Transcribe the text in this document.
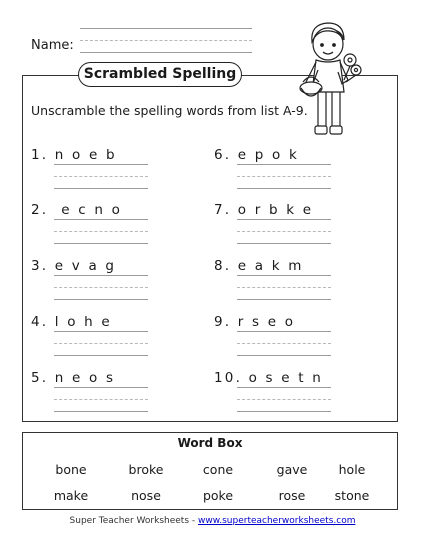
Name:
Scrambled Spelling
Unscramble the spelling words from list A-9.
1. n o e b
2.  e c n o
3. e v a g
4. l o h e
5. n e o s
6. e p o k
7. o r b k e
8. e a k m
9. r s e o
10. o s e t n
Word Box
bone	broke	cone	gave	hole
make	nose	poke	rose	stone
Super Teacher Worksheets - www.superteacherworksheets.com
